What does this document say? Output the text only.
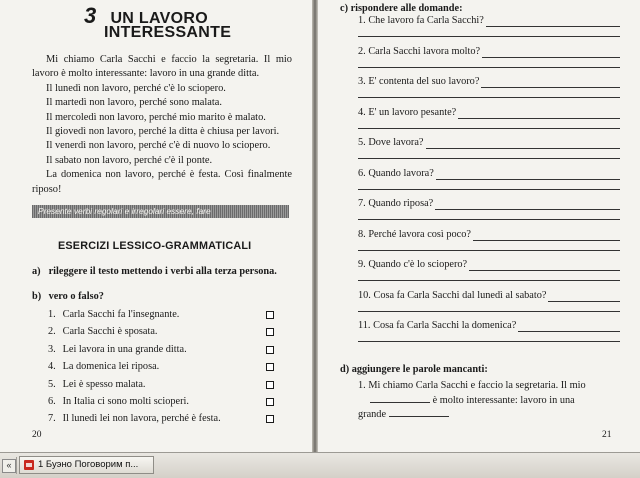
3 UN LAVORO
INTERESSANTE

Mi chiamo Carla Sacchi e faccio la segretaria. Il mio lavoro è molto interessante: lavoro in una grande ditta.

Il lunedì non lavoro, perché c'è lo sciopero.

Il martedì non lavoro, perché sono malata.

Il mercoledì non lavoro, perché mio marito è malato.

Il giovedì non lavoro, perché la ditta è chiusa per lavori.

Il venerdì non lavoro, perché c'è di nuovo lo sciopero.

Il sabato non lavoro, perché c'è il ponte.

La domenica non lavoro, perché è festa. Così finalmente riposo!

Presente verbi regolari e irregolari essere, fare
ESERCIZI LESSICO-GRAMMATICALI
a) rileggere il testo mettendo i verbi alla terza persona.
b) vero o falso?
1. Carla Sacchi fa l'insegnante.
2. Carla Sacchi è sposata.
3. Lei lavora in una grande ditta.
4. La domenica lei riposa.
5. Lei è spesso malata.
6. In Italia ci sono molti scioperi.
7. Il lunedì lei non lavora, perché è festa.
20
c) rispondere alle domande:
1.
Che lavoro fa Carla Sacchi?
2.
Carla Sacchi lavora molto?
3.
E' contenta del suo lavoro?
4.
E' un lavoro pesante?
5.
Dove lavora?
6.
Quando lavora?
7.
Quando riposa?
8.
Perché lavora così poco?
9.
Quando c'è lo sciopero?
10.
Cosa fa Carla Sacchi dal lunedì al sabato?
11.
Cosa fa Carla Sacchi la domenica?
d) aggiungere le parole mancanti:
1. Mi chiamo Carla Sacchi e faccio la segretaria. Il mio
è molto interessante: lavoro in una
grande
21
«	1 Буэно Поговорим п...
